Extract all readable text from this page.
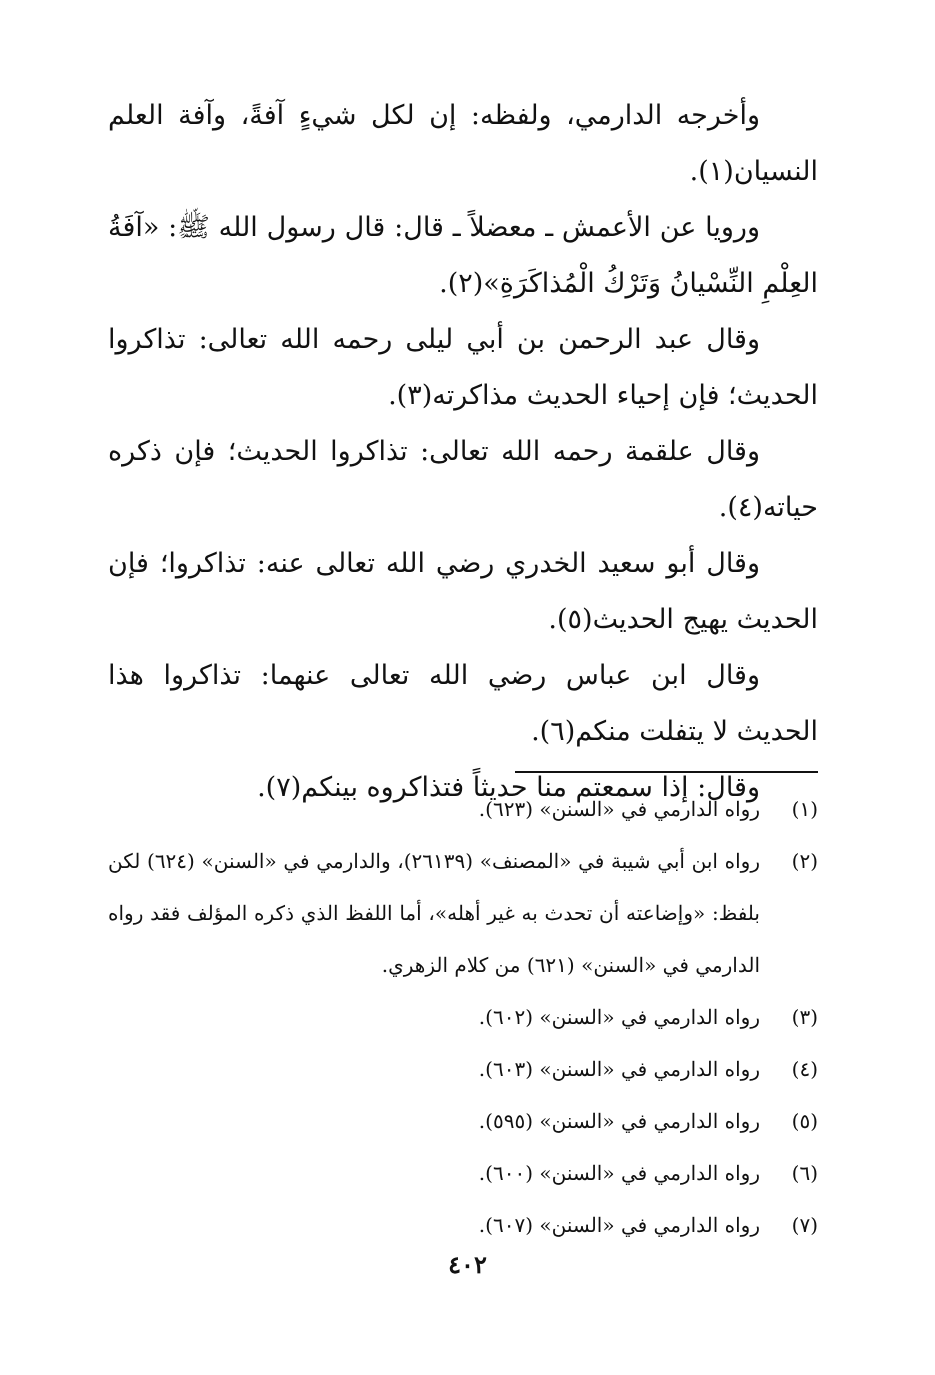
وأخرجه الدارمي، ولفظه: إن لكل شيءٍ آفةً، وآفة العلم النسيان(١).

ورويا عن الأعمش ـ معضلاً ـ قال: قال رسول الله ﷺ: «آفَةُ العِلْمِ النِّسْيانُ وَتَرْكُ الْمُذاكَرَةِ»(٢).

وقال عبد الرحمن بن أبي ليلى رحمه الله تعالى: تذاكروا الحديث؛ فإن إحياء الحديث مذاكرته(٣).

وقال علقمة رحمه الله تعالى: تذاكروا الحديث؛ فإن ذكره حياته(٤).

وقال أبو سعيد الخدري رضي الله تعالى عنه: تذاكروا؛ فإن الحديث يهيج الحديث(٥).

وقال ابن عباس رضي الله تعالى عنهما: تذاكروا هذا الحديث لا يتفلت منكم(٦).

وقال: إذا سمعتم منا حديثاً فتذاكروه بينكم(٧).

(١)
رواه الدارمي في «السنن» (٦٢٣).
(٢)
رواه ابن أبي شيبة في «المصنف» (٢٦١٣٩)، والدارمي في «السنن» (٦٢٤) لكن بلفظ: «وإضاعته أن تحدث به غير أهله»، أما اللفظ الذي ذكره المؤلف فقد رواه الدارمي في «السنن» (٦٢١) من كلام الزهري.
(٣)
رواه الدارمي في «السنن» (٦٠٢).
(٤)
رواه الدارمي في «السنن» (٦٠٣).
(٥)
رواه الدارمي في «السنن» (٥٩٥).
(٦)
رواه الدارمي في «السنن» (٦٠٠).
(٧)
رواه الدارمي في «السنن» (٦٠٧).
٤٠٢
